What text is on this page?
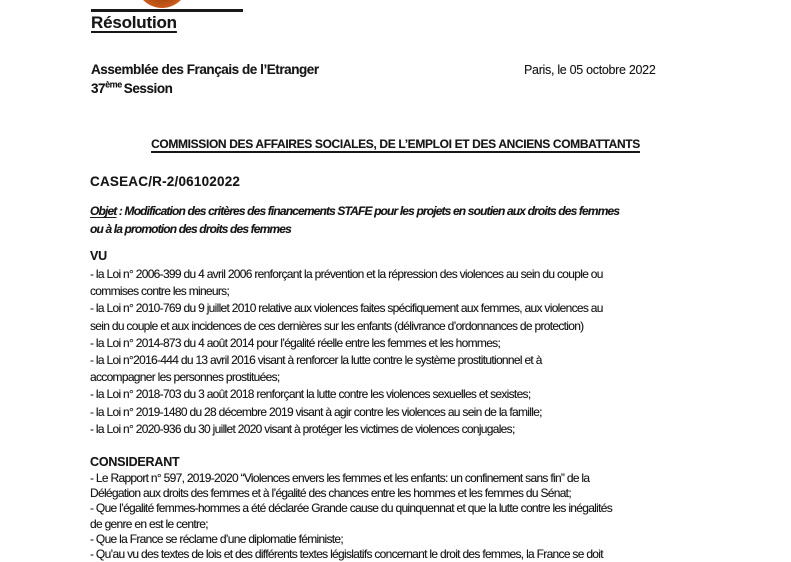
Résolution
Assemblée des Français de l’Etranger
37ème Session
Paris, le 05 octobre 2022
COMMISSION DES AFFAIRES SOCIALES, DE L’EMPLOI ET DES ANCIENS COMBATTANTS
CASEAC/R-2/06102022
Objet : Modification des critères des financements STAFE pour les projets en soutien aux droits des femmes
ou à la promotion des droits des femmes
VU
- la Loi n° 2006-399 du 4 avril 2006 renforçant la prévention et la répression des violences au sein du couple ou
commises contre les mineurs;
- la Loi n° 2010-769 du 9 juillet 2010 relative aux violences faites spécifiquement aux femmes, aux violences au
sein du couple et aux incidences de ces dernières sur les enfants (délivrance d’ordonnances de protection)
- la Loi n° 2014-873 du 4 août 2014 pour l’égalité réelle entre les femmes et les hommes;
- la Loi n°2016-444 du 13 avril 2016 visant à renforcer la lutte contre le système prostitutionnel et à
accompagner les personnes prostituées;
- la Loi n° 2018-703 du 3 août 2018 renforçant la lutte contre les violences sexuelles et sexistes;
- la Loi n° 2019-1480 du 28 décembre 2019 visant à agir contre les violences au sein de la famille;
- la Loi n° 2020-936 du 30 juillet 2020 visant à protéger les victimes de violences conjugales;
CONSIDERANT
- Le Rapport n° 597, 2019-2020 “Violences envers les femmes et les enfants: un confinement sans fin” de la
Délégation aux droits des femmes et à l’égalité des chances entre les hommes et les femmes du Sénat;
- Que l’égalité femmes-hommes a été déclarée Grande cause du quinquennat et que la lutte contre les inégalités
de genre en est le centre;
- Que la France se réclame d’une diplomatie féministe;
- Qu’au vu des textes de lois et des différents textes législatifs concernant le droit des femmes, la France se doit
